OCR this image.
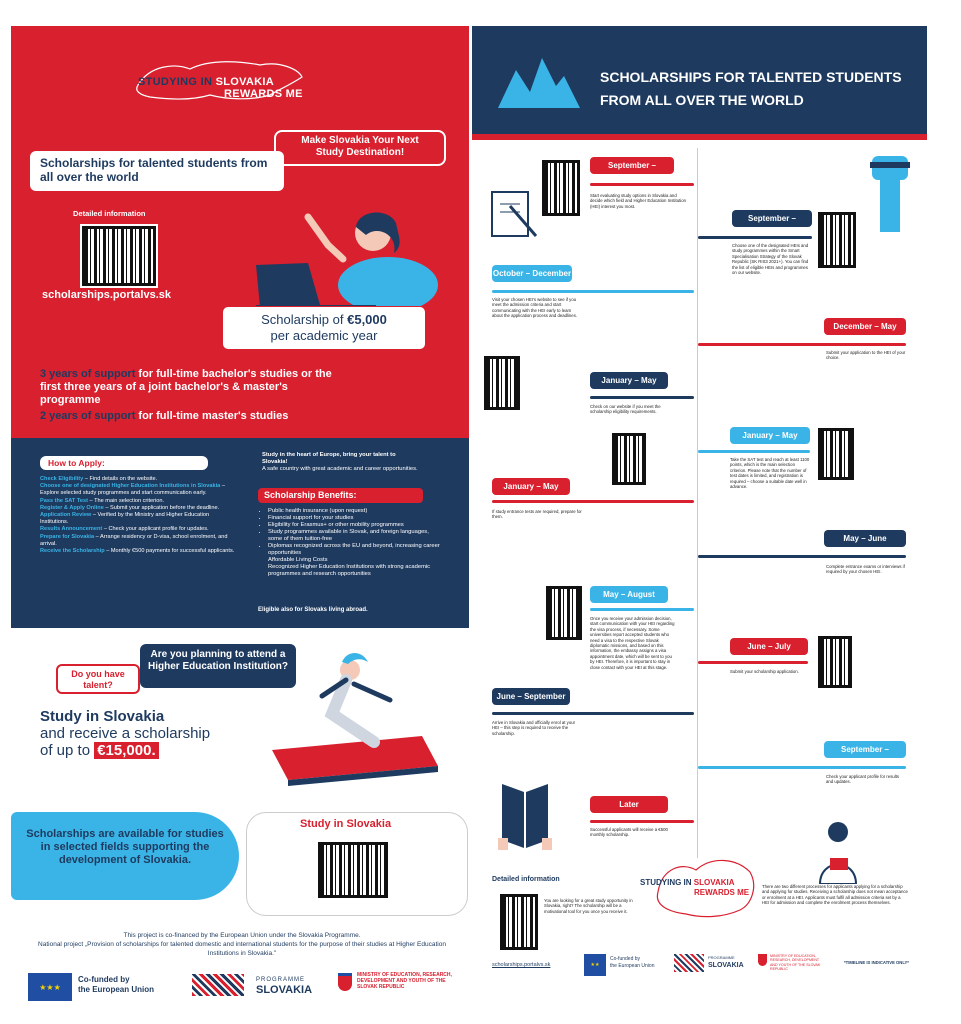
STUDYING IN SLOVAKIA
REWARDS ME
Make Slovakia Your Next Study Destination!
Scholarships for talented students from all over the world
Detailed information
scholarships.portalvs.sk
Scholarship of €5,000
per academic year
3 years of support for full-time bachelor's studies or the first three years of a joint bachelor's & master's programme
2 years of support for full-time master's studies
How to Apply:
Check Eligibility – Find details on the website.
Choose one of designated Higher Education Institutions in Slovakia – Explore selected study programmes and start communication early.
Pass the SAT Test – The main selection criterion.
Register & Apply Online – Submit your application before the deadline.
Application Review – Verified by the Ministry and Higher Education Institutions.
Results Announcement – Check your applicant profile for updates.
Prepare for Slovakia – Arrange residency or D-visa, school enrolment, and arrival.
Receive the Scholarship – Monthly €500 payments for successful applicants.
Study in the heart of Europe, bring your talent to Slovakia!
A safe country with great academic and career opportunities.
Scholarship Benefits:
• Public health insurance (upon request)
• Financial support for your studies
• Eligibility for Erasmus+ or other mobility programmes
• Study programmes available in Slovak, and foreign languages, some of them tuition-free
• Diplomas recognized across the EU and beyond, increasing career opportunities
Affordable Living Costs
Recognized Higher Education Institutions with strong academic programmes and research opportunities
Eligible also for Slovaks living abroad.
Do you have talent?
Are you planning to attend a Higher Education Institution?
Study in Slovakia
and receive a scholarship
of up to €15,000.
Scholarships are available for studies in selected fields supporting the development of Slovakia.
Study in Slovakia
This project is co-financed by the European Union under the Slovakia Programme.
National project „Provision of scholarships for talented domestic and international students for the purpose of their studies at Higher Education Institutions in Slovakia."
★★★
Co-funded by
the European Union
PROGRAMME
SLOVAKIA
MINISTRY OF EDUCATION, RESEARCH, DEVELOPMENT AND YOUTH OF THE SLOVAK REPUBLIC
SCHOLARSHIPS FOR TALENTED STUDENTS
FROM ALL OVER THE WORLD
September –
Start evaluating study options in Slovakia and decide which field and Higher Education Institution (HEI) interest you most.
September –
Choose one of the designated HEIs and study programmes within the Smart Specialisation Strategy of the Slovak Republic (SK RIS3 2021+). You can find the list of eligible HEIs and programmes on our website.
October – December
Visit your chosen HEI's website to see if you meet the admission criteria and start communicating with the HEI early to learn about the application process and deadlines.
December – May
Submit your application to the HEI of your choice.
January – May
Check on our website if you meet the scholarship eligibility requirements.
January – May
Take the SAT test and reach at least 1100 points, which is the main selection criterion. Please note that the number of test dates is limited, and registration is required – choose a suitable date well in advance.
January – May
If study entrance tests are required, prepare for them.
May – June
Complete entrance exams or interviews if required by your chosen HEI.
May – August
Once you receive your admission decision, start communication with your HEI regarding the visa process, if necessary. Some universities report accepted students who need a visa to the respective Slovak diplomatic missions, and based on this information, the embassy assigns a visa appointment date, which will be sent to you by HEI. Therefore, it is important to stay in close contact with your HEI at this stage.
June – July
Submit your scholarship application.
June – September
Arrive in Slovakia and officially enrol at your HEI – this step is required to receive the scholarship.
September –
Check your applicant profile for results and updates.
Later
Successful applicants will receive a €500 monthly scholarship.
Detailed information
You are looking for a great study opportunity in Slovakia, right? The scholarship will be a motivational tool for you once you receive it.
scholarships.portalvs.sk
STUDYING IN SLOVAKIA
REWARDS ME
There are two different processes for applicants applying for a scholarship and applying for studies. Receiving a scholarship does not mean acceptance or enrolment at a HEI. Applicants must fulfil all admission criteria set by a HEI for admission and complete the enrolment process themselves.
★★
Co-funded by
the European Union
PROGRAMME
SLOVAKIA
MINISTRY OF EDUCATION, RESEARCH, DEVELOPMENT AND YOUTH OF THE SLOVAK REPUBLIC
*TIMELINE IS INDICATIVE ONLY*
